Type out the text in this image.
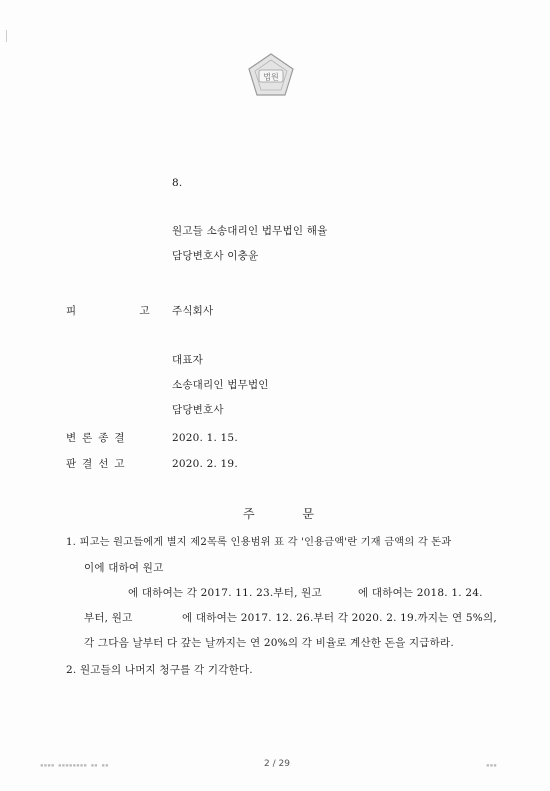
법원
8.
원고들 소송대리인 법무법인 해율
담당변호사 이충윤
피 고
주식회사
대표자
소송대리인 법무법인
담당변호사
변론종결	2020. 1. 15.
판결선고	2020. 2. 19.
주 문
1. 피고는 원고들에게 별지 제2목록 인용범위 표 각 '인용금액'란 기재 금액의 각 돈과
이에 대하여 원고
에 대하여는 각 2017. 11. 23.부터, 원고	에 대하여는 2018. 1. 24.
부터, 원고	에 대하여는 2017. 12. 26.부터 각 2020. 2. 19.까지는 연 5%의,
각 그다음 날부터 다 갚는 날까지는 연 20%의 각 비율로 계산한 돈을 지급하라.
2. 원고들의 나머지 청구를 각 기각한다.
▪▪▪▪ ▪▪▪▪▪▪▪▪ ▪▪ ▪▪	▪▪▪
2 / 29
